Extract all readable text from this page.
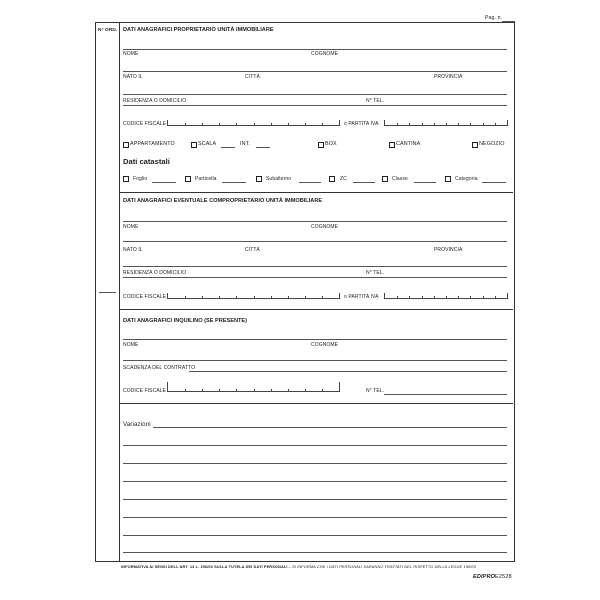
Pag. n.
N° ORD. DATI ANAGRAFICI PROPRIETARIO UNITÀ IMMOBILIARE
NOME	COGNOME
NATO IL	CITTÀ	PROVINCIA
RESIDENZA O DOMICILIO	N° TEL.
CODICE FISCALE	o PARTITA IVA
APPARTAMENTO	SCALA	INT.	BOX	CANTINA	NEGOZIO
Dati catastali
Foglio	Particella	Subalterno	ZC	Classe	Categoria
DATI ANAGRAFICI EVENTUALE COMPROPRIETARIO UNITÀ IMMOBILIARE
NOME	COGNOME
NATO IL	CITTÀ	PROVINCIA
RESIDENZA O DOMICILIO	N° TEL.
CODICE FISCALE	o PARTITA IVA
DATI ANAGRAFICI INQUILINO (SE PRESENTE)
NOME	COGNOME
SCADENZA DEL CONTRATTO
CODICE FISCALE	N° TEL.
Variazioni
INFORMATIVA AI SENSI DELL'ART. 13 L. 196/03 SULLA TUTELA DEI DATI PERSONALI – SI INFORMA CHE I DATI PERSONALI SARANNO TRATTATI NEL RISPETTO DELLA LEGGE 196/03
EDIPRO E2528
